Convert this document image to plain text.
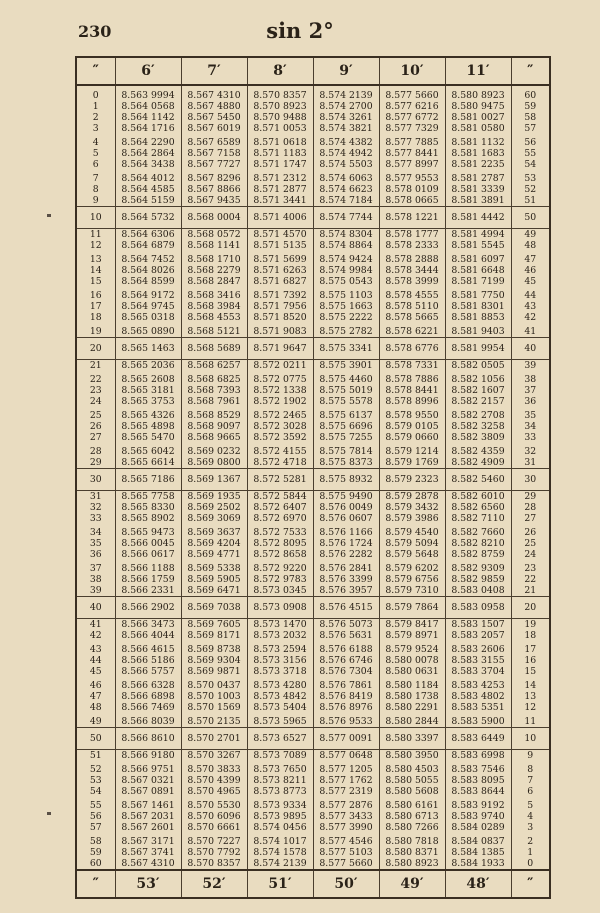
230	sin 2°
″	6′	7′	8′	9′	10′	11′	″

0	8.563 9994	8.567 4310	8.570 8357	8.574 2139	8.577 5660	8.580 8923	60
1	8.564 0568	8.567 4880	8.570 8923	8.574 2700	8.577 6216	8.580 9475	59
2	8.564 1142	8.567 5450	8.570 9488	8.574 3261	8.577 6772	8.581 0027	58
3	8.564 1716	8.567 6019	8.571 0053	8.574 3821	8.577 7329	8.581 0580	57
4	8.564 2290	8.567 6589	8.571 0618	8.574 4382	8.577 7885	8.581 1132	56
5	8.564 2864	8.567 7158	8.571 1183	8.574 4942	8.577 8441	8.581 1683	55
6	8.564 3438	8.567 7727	8.571 1747	8.574 5503	8.577 8997	8.581 2235	54
7	8.564 4012	8.567 8296	8.571 2312	8.574 6063	8.577 9553	8.581 2787	53
8	8.564 4585	8.567 8866	8.571 2877	8.574 6623	8.578 0109	8.581 3339	52
9	8.564 5159	8.567 9435	8.571 3441	8.574 7184	8.578 0665	8.581 3891	51
10	8.564 5732	8.568 0004	8.571 4006	8.574 7744	8.578 1221	8.581 4442	50
11	8.564 6306	8.568 0572	8.571 4570	8.574 8304	8.578 1777	8.581 4994	49
12	8.564 6879	8.568 1141	8.571 5135	8.574 8864	8.578 2333	8.581 5545	48
13	8.564 7452	8.568 1710	8.571 5699	8.574 9424	8.578 2888	8.581 6097	47
14	8.564 8026	8.568 2279	8.571 6263	8.574 9984	8.578 3444	8.581 6648	46
15	8.564 8599	8.568 2847	8.571 6827	8.575 0543	8.578 3999	8.581 7199	45
16	8.564 9172	8.568 3416	8.571 7392	8.575 1103	8.578 4555	8.581 7750	44
17	8.564 9745	8.568 3984	8.571 7956	8.575 1663	8.578 5110	8.581 8301	43
18	8.565 0318	8.568 4553	8.571 8520	8.575 2222	8.578 5665	8.581 8853	42
19	8.565 0890	8.568 5121	8.571 9083	8.575 2782	8.578 6221	8.581 9403	41
20	8.565 1463	8.568 5689	8.571 9647	8.575 3341	8.578 6776	8.581 9954	40
21	8.565 2036	8.568 6257	8.572 0211	8.575 3901	8.578 7331	8.582 0505	39
22	8.565 2608	8.568 6825	8.572 0775	8.575 4460	8.578 7886	8.582 1056	38
23	8.565 3181	8.568 7393	8.572 1338	8.575 5019	8.578 8441	8.582 1607	37
24	8.565 3753	8.568 7961	8.572 1902	8.575 5578	8.578 8996	8.582 2157	36
25	8.565 4326	8.568 8529	8.572 2465	8.575 6137	8.578 9550	8.582 2708	35
26	8.565 4898	8.568 9097	8.572 3028	8.575 6696	8.579 0105	8.582 3258	34
27	8.565 5470	8.568 9665	8.572 3592	8.575 7255	8.579 0660	8.582 3809	33
28	8.565 6042	8.569 0232	8.572 4155	8.575 7814	8.579 1214	8.582 4359	32
29	8.565 6614	8.569 0800	8.572 4718	8.575 8373	8.579 1769	8.582 4909	31
30	8.565 7186	8.569 1367	8.572 5281	8.575 8932	8.579 2323	8.582 5460	30
31	8.565 7758	8.569 1935	8.572 5844	8.575 9490	8.579 2878	8.582 6010	29
32	8.565 8330	8.569 2502	8.572 6407	8.576 0049	8.579 3432	8.582 6560	28
33	8.565 8902	8.569 3069	8.572 6970	8.576 0607	8.579 3986	8.582 7110	27
34	8.565 9473	8.569 3637	8.572 7533	8.576 1166	8.579 4540	8.582 7660	26
35	8.566 0045	8.569 4204	8.572 8095	8.576 1724	8.579 5094	8.582 8210	25
36	8.566 0617	8.569 4771	8.572 8658	8.576 2282	8.579 5648	8.582 8759	24
37	8.566 1188	8.569 5338	8.572 9220	8.576 2841	8.579 6202	8.582 9309	23
38	8.566 1759	8.569 5905	8.572 9783	8.576 3399	8.579 6756	8.582 9859	22
39	8.566 2331	8.569 6471	8.573 0345	8.576 3957	8.579 7310	8.583 0408	21
40	8.566 2902	8.569 7038	8.573 0908	8.576 4515	8.579 7864	8.583 0958	20
41	8.566 3473	8.569 7605	8.573 1470	8.576 5073	8.579 8417	8.583 1507	19
42	8.566 4044	8.569 8171	8.573 2032	8.576 5631	8.579 8971	8.583 2057	18
43	8.566 4615	8.569 8738	8.573 2594	8.576 6188	8.579 9524	8.583 2606	17
44	8.566 5186	8.569 9304	8.573 3156	8.576 6746	8.580 0078	8.583 3155	16
45	8.566 5757	8.569 9871	8.573 3718	8.576 7304	8.580 0631	8.583 3704	15
46	8.566 6328	8.570 0437	8.573 4280	8.576 7861	8.580 1184	8.583 4253	14
47	8.566 6898	8.570 1003	8.573 4842	8.576 8419	8.580 1738	8.583 4802	13
48	8.566 7469	8.570 1569	8.573 5404	8.576 8976	8.580 2291	8.583 5351	12
49	8.566 8039	8.570 2135	8.573 5965	8.576 9533	8.580 2844	8.583 5900	11
50	8.566 8610	8.570 2701	8.573 6527	8.577 0091	8.580 3397	8.583 6449	10
51	8.566 9180	8.570 3267	8.573 7089	8.577 0648	8.580 3950	8.583 6998	9
52	8.566 9751	8.570 3833	8.573 7650	8.577 1205	8.580 4503	8.583 7546	8
53	8.567 0321	8.570 4399	8.573 8211	8.577 1762	8.580 5055	8.583 8095	7
54	8.567 0891	8.570 4965	8.573 8773	8.577 2319	8.580 5608	8.583 8644	6
55	8.567 1461	8.570 5530	8.573 9334	8.577 2876	8.580 6161	8.583 9192	5
56	8.567 2031	8.570 6096	8.573 9895	8.577 3433	8.580 6713	8.583 9740	4
57	8.567 2601	8.570 6661	8.574 0456	8.577 3990	8.580 7266	8.584 0289	3
58	8.567 3171	8.570 7227	8.574 1017	8.577 4546	8.580 7818	8.584 0837	2
59	8.567 3741	8.570 7792	8.574 1578	8.577 5103	8.580 8371	8.584 1385	1
60	8.567 4310	8.570 8357	8.574 2139	8.577 5660	8.580 8923	8.584 1933	0
″	53′	52′	51′	50′	49′	48′	″
